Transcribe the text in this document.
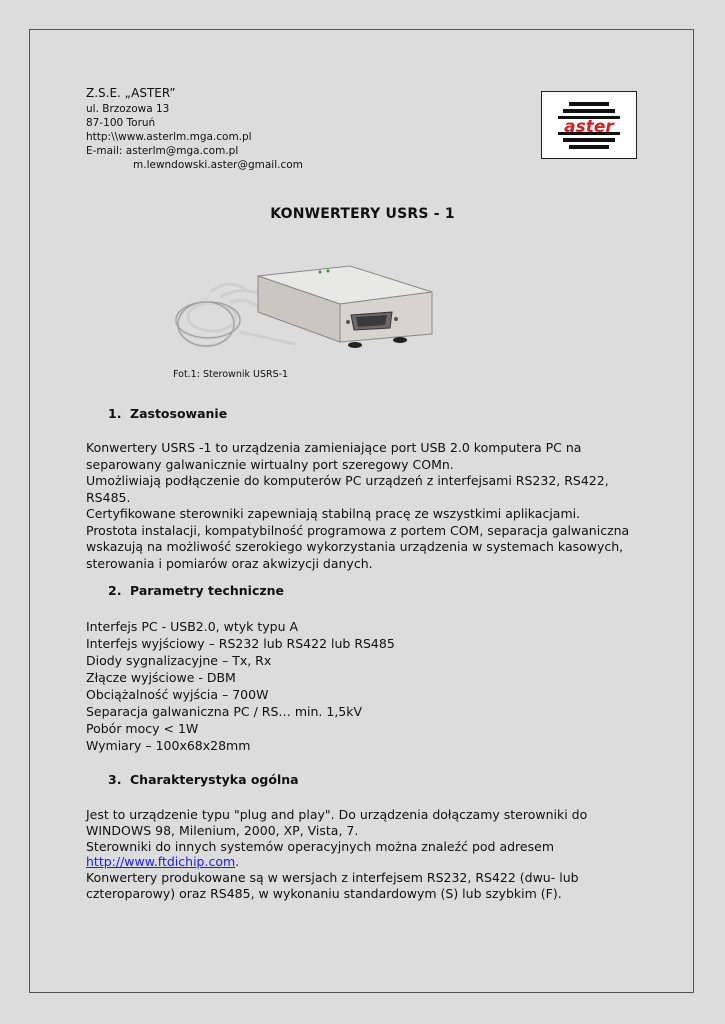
Z.S.E. „ASTER”
ul. Brzozowa 13
87-100 Toruń
http:\\www.asterlm.mga.com.pl
E-mail: asterlm@mga.com.pl
m.lewndowski.aster@gmail.com
aster
KONWERTERY USRS - 1
Fot.1: Sterownik USRS-1
1. Zastosowanie
Konwertery USRS -1 to urządzenia zamieniające port USB 2.0 komputera PC na
separowany galwanicznie wirtualny port szeregowy COMn.
Umożliwiają podłączenie do komputerów PC urządzeń z interfejsami RS232, RS422,
RS485.
Certyfikowane sterowniki zapewniają stabilną pracę ze wszystkimi aplikacjami.
Prostota instalacji, kompatybilność programowa z portem COM, separacja galwaniczna
wskazują na możliwość szerokiego wykorzystania urządzenia w systemach kasowych,
sterowania i pomiarów oraz akwizycji danych.
2. Parametry techniczne
Interfejs PC - USB2.0, wtyk typu A
Interfejs wyjściowy – RS232 lub RS422 lub RS485
Diody sygnalizacyjne – Tx, Rx
Złącze wyjściowe - DBM
Obciążalność wyjścia – 700W
Separacja galwaniczna PC / RS… min. 1,5kV
Pobór mocy < 1W
Wymiary – 100x68x28mm
3. Charakterystyka ogólna
Jest to urządzenie typu "plug and play". Do urządzenia dołączamy sterowniki do
WINDOWS 98, Milenium, 2000, XP, Vista, 7.
Sterowniki do innych systemów operacyjnych można znaleźć pod adresem
http://www.ftdichip.com.
Konwertery produkowane są w wersjach z interfejsem RS232, RS422 (dwu- lub
czteroparowy) oraz RS485, w wykonaniu standardowym (S) lub szybkim (F).
